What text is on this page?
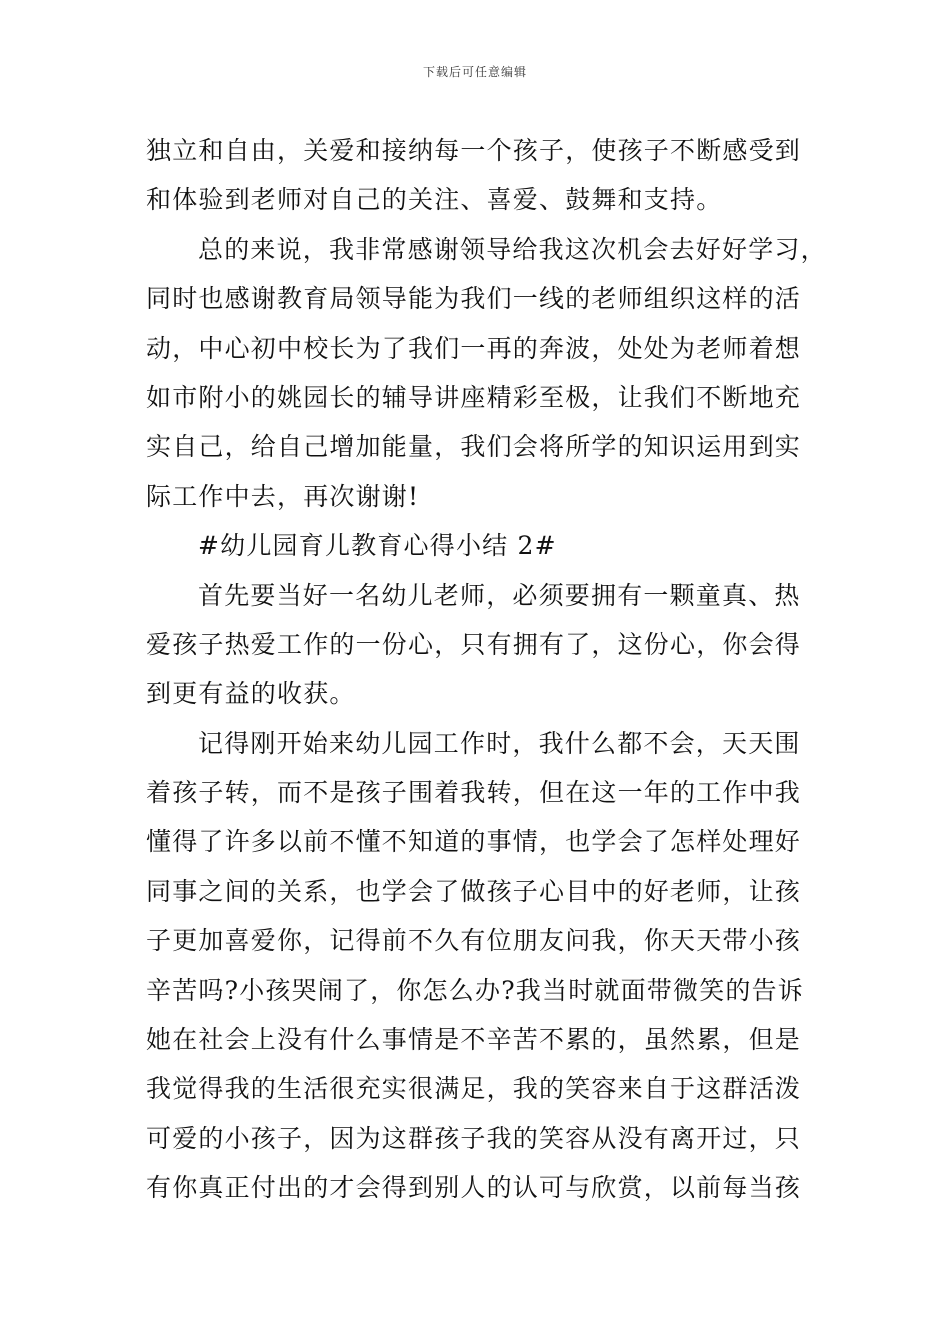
下载后可任意编辑
独立和自由，关爱和接纳每一个孩子，使孩子不断感受到
和体验到老师对自己的关注、喜爱、鼓舞和支持。
总的来说，我非常感谢领导给我这次机会去好好学习，
同时也感谢教育局领导能为我们一线的老师组织这样的活
动，中心初中校长为了我们一再的奔波，处处为老师着想
如市附小的姚园长的辅导讲座精彩至极，让我们不断地充
实自己，给自己增加能量，我们会将所学的知识运用到实
际工作中去，再次谢谢!
#幼儿园育儿教育心得小结 2#
首先要当好一名幼儿老师，必须要拥有一颗童真、热
爱孩子热爱工作的一份心，只有拥有了，这份心，你会得
到更有益的收获。
记得刚开始来幼儿园工作时，我什么都不会，天天围
着孩子转，而不是孩子围着我转，但在这一年的工作中我
懂得了许多以前不懂不知道的事情，也学会了怎样处理好
同事之间的关系，也学会了做孩子心目中的好老师，让孩
子更加喜爱你，记得前不久有位朋友问我，你天天带小孩
辛苦吗?小孩哭闹了，你怎么办?我当时就面带微笑的告诉
她在社会上没有什么事情是不辛苦不累的，虽然累，但是
我觉得我的生活很充实很满足，我的笑容来自于这群活泼
可爱的小孩子，因为这群孩子我的笑容从没有离开过，只
有你真正付出的才会得到别人的认可与欣赏，以前每当孩
